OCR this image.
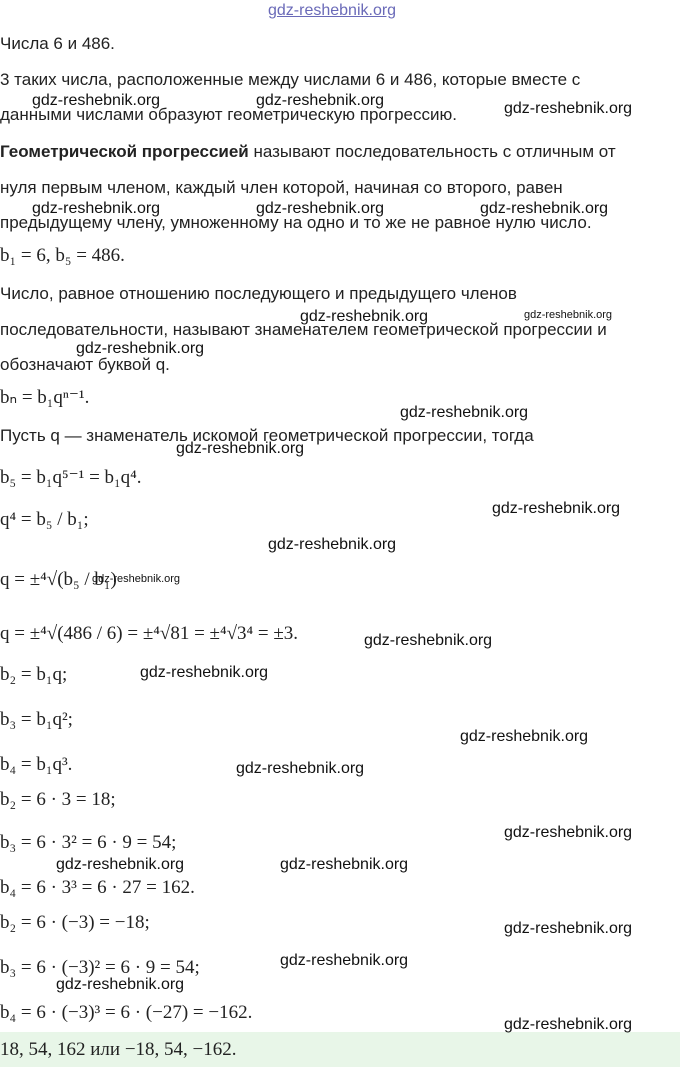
gdz-reshebnik.org
Числа 6 и 486.
3 таких числа, расположенные между числами 6 и 486, которые вместе с
данными числами образуют геометрическую прогрессию.
Геометрической прогрессией называют последовательность с отличным от
нуля первым членом, каждый член которой, начиная со второго, равен
предыдущему члену, умноженному на одно и то же не равное нулю число.
b₁ = 6, b₅ = 486.
Число, равное отношению последующего и предыдущего членов
последовательности, называют знаменателем геометрической прогрессии и
обозначают буквой q.
bₙ = b₁qⁿ⁻¹.
Пусть q — знаменатель искомой геометрической прогрессии, тогда
b₅ = b₁q⁵⁻¹ = b₁q⁴.
q⁴ = b₅ / b₁;
q = ±⁴√(b₅ / b₁)
q = ±⁴√(486 / 6) = ±⁴√81 = ±⁴√3⁴ = ±3.
b₂ = b₁q;
b₃ = b₁q²;
b₄ = b₁q³.
b₂ = 6 · 3 = 18;
b₃ = 6 · 3² = 6 · 9 = 54;
b₄ = 6 · 3³ = 6 · 27 = 162.
b₂ = 6 · (−3) = −18;
b₃ = 6 · (−3)² = 6 · 9 = 54;
b₄ = 6 · (−3)³ = 6 · (−27) = −162.
18, 54, 162 или −18, 54, −162.
gdz-reshebnik.org	gdz-reshebnik.org	gdz-reshebnik.org
gdz-reshebnik.org	gdz-reshebnik.org	gdz-reshebnik.org
gdz-reshebnik.org	gdz-reshebnik.org
gdz-reshebnik.org
gdz-reshebnik.org
gdz-reshebnik.org
gdz-reshebnik.org
gdz-reshebnik.org
gdz-reshebnik.org
gdz-reshebnik.org
gdz-reshebnik.org
gdz-reshebnik.org
gdz-reshebnik.org
gdz-reshebnik.org
gdz-reshebnik.org	gdz-reshebnik.org
gdz-reshebnik.org
gdz-reshebnik.org
gdz-reshebnik.org
gdz-reshebnik.org
